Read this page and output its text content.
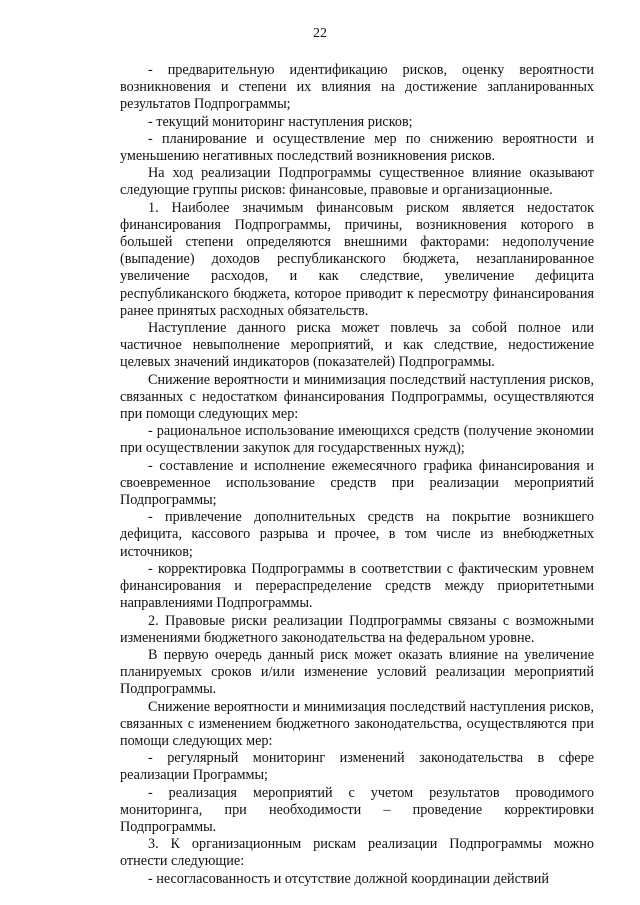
22

- предварительную идентификацию рисков, оценку вероятности возникновения и степени их влияния на достижение запланированных результатов Подпрограммы;

- текущий мониторинг наступления рисков;

- планирование и осуществление мер по снижению вероятности и уменьшению негативных последствий возникновения рисков.

На ход реализации Подпрограммы существенное влияние оказывают следующие группы рисков: финансовые, правовые и организационные.

1. Наиболее значимым финансовым риском является недостаток финансирования Подпрограммы, причины, возникновения которого в большей степени определяются внешними факторами: недополучение (выпадение) доходов республиканского бюджета, незапланированное увеличение расходов, и как следствие, увеличение дефицита республиканского бюджета, которое приводит к пересмотру финансирования ранее принятых расходных обязательств.

Наступление данного риска может повлечь за собой полное или частичное невыполнение мероприятий, и как следствие, недостижение целевых значений индикаторов (показателей) Подпрограммы.

Снижение вероятности и минимизация последствий наступления рисков, связанных с недостатком финансирования Подпрограммы, осуществляются при помощи следующих мер:

- рациональное использование имеющихся средств (получение экономии при осуществлении закупок для государственных нужд);

- составление и исполнение ежемесячного графика финансирования и своевременное использование средств при реализации мероприятий Подпрограммы;

- привлечение дополнительных средств на покрытие возникшего дефицита, кассового разрыва и прочее, в том числе из внебюджетных источников;

- корректировка Подпрограммы в соответствии с фактическим уровнем финансирования и перераспределение средств между приоритетными направлениями Подпрограммы.

2. Правовые риски реализации Подпрограммы связаны с возможными изменениями бюджетного законодательства на федеральном уровне.

В первую очередь данный риск может оказать влияние на увеличение планируемых сроков и/или изменение условий реализации мероприятий Подпрограммы.

Снижение вероятности и минимизация последствий наступления рисков, связанных с изменением бюджетного законодательства, осуществляются при помощи следующих мер:

- регулярный мониторинг изменений законодательства в сфере реализации Программы;

- реализация мероприятий с учетом результатов проводимого мониторинга, при необходимости – проведение корректировки Подпрограммы.

3. К организационным рискам реализации Подпрограммы можно отнести следующие:

- несогласованность и отсутствие должной координации действий
